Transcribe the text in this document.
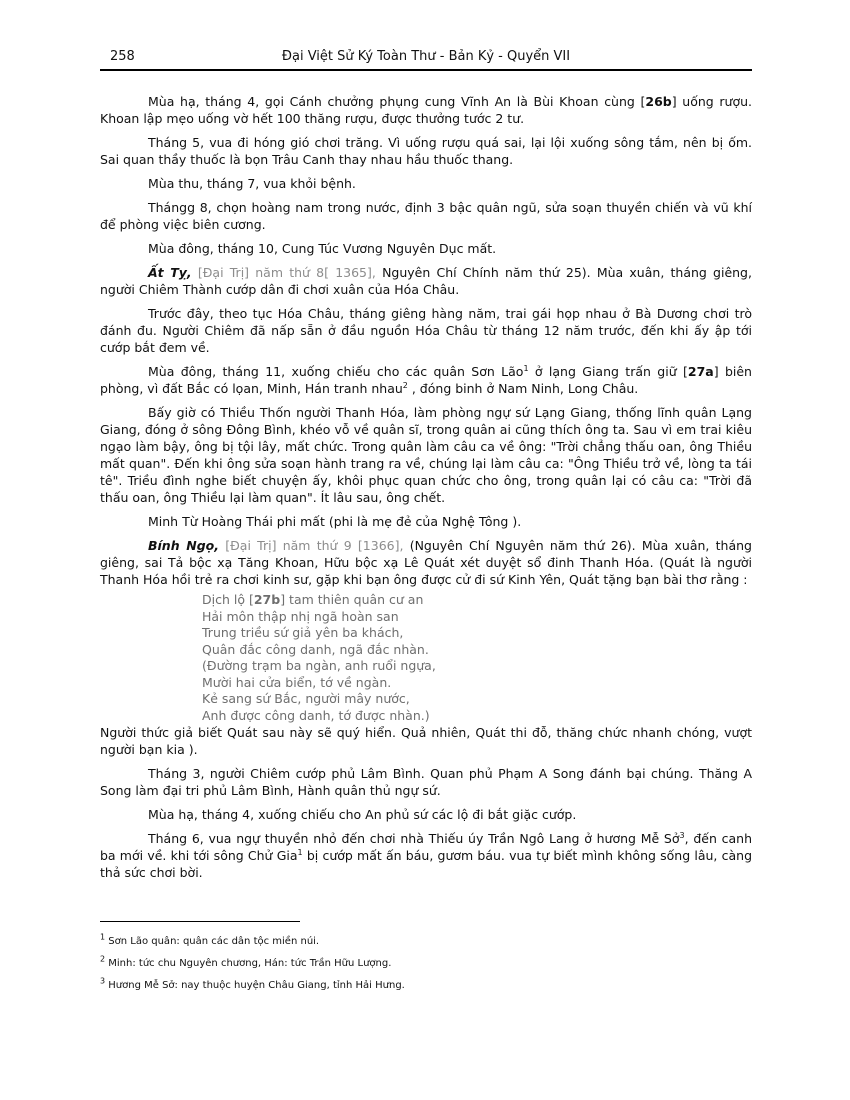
258	Đại Việt Sử Ký Toàn Thư - Bản Kỷ - Quyển VII

Mùa hạ, tháng 4, gọi Cánh chưởng phụng cung Vĩnh An là Bùi Khoan cùng [26b] uống rượu. Khoan lập mẹo uống vờ hết 100 thăng rượu, được thưởng tước 2 tư.

Tháng 5, vua đi hóng gió chơi trăng. Vì uống rượu quá sai, lại lội xuống sông tắm, nên bị ốm. Sai quan thầy thuốc là bọn Trâu Canh thay nhau hầu thuốc thang.

Mùa thu, tháng 7, vua khỏi bệnh.

Thángg 8, chọn hoàng nam trong nước, định 3 bậc quân ngũ, sửa soạn thuyền chiến và vũ khí để phòng việc biên cương.

Mùa đông, tháng 10, Cung Túc Vương Nguyên Dục mất.

Ất Tỵ, [Đại Trị] năm thứ 8[ 1365], Nguyên Chí Chính năm thứ 25). Mùa xuân, tháng giêng, người Chiêm Thành cướp dân đi chơi xuân của Hóa Châu.

Trước đây, theo tục Hóa Châu, tháng giêng hàng năm, trai gái họp nhau ở Bà Dương chơi trò đánh đu. Người Chiêm đã nấp sẵn ở đầu nguồn Hóa Châu từ tháng 12 năm trước, đến khi ấy ập tới cướp bắt đem về.

Mùa đông, tháng 11, xuống chiếu cho các quân Sơn Lão$^1$ ở lạng Giang trấn giữ [27a] biên phòng, vì đất Bắc có lọan, Minh, Hán tranh nhau$^2$ , đóng binh ở Nam Ninh, Long Châu.

Bấy giờ có Thiều Thốn người Thanh Hóa, làm phòng ngự sứ Lạng Giang, thống lĩnh quân Lạng Giang, đóng ở sông Đông Bình, khéo vỗ về quân sĩ, trong quân ai cũng thích ông ta. Sau vì em trai kiêu ngạo làm bậy, ông bị tội lây, mất chức. Trong quân làm câu ca về ông: "Trời chẳng thấu oan, ông Thiều mất quan". Đến khi ông sửa soạn hành trang ra về, chúng lại làm câu ca: "Ông Thiều trở về, lòng ta tái tê". Triều đình nghe biết chuyện ấy, khôi phục quan chức cho ông, trong quân lại có câu ca: "Trời đã thấu oan, ông Thiều lại làm quan". Ít lâu sau, ông chết.

Minh Từ Hoàng Thái phi mất (phi là mẹ đẻ của Nghệ Tông ).

Bính Ngọ, [Đại Trị] năm thứ 9 [1366], (Nguyên Chí Nguyên năm thứ 26). Mùa xuân, tháng giêng, sai Tả bộc xạ Tăng Khoan, Hữu bộc xạ Lê Quát xét duyệt sổ đinh Thanh Hóa. (Quát là người Thanh Hóa hồi trẻ ra chơi kinh sư, gặp khi bạn ông được cử đi sứ Kinh Yên, Quát tặng bạn bài thơ rằng :

Dịch lộ [27b] tam thiên quân cư an
Hải môn thập nhị ngã hoàn san
Trung triều sứ giả yên ba khách,
Quân đắc công danh, ngã đắc nhàn.
(Đường trạm ba ngàn, anh ruổi ngựa,
Mười hai cửa biển, tớ về ngàn.
Kẻ sang sứ Bắc, người mây nước,
Anh được công danh, tớ được nhàn.)

Người thức giả biết Quát sau này sẽ quý hiển. Quả nhiên, Quát thi đỗ, thăng chức nhanh chóng, vượt người bạn kia ).

Tháng 3, người Chiêm cướp phủ Lâm Bình. Quan phủ Phạm A Song đánh bại chúng. Thăng A Song làm đại tri phủ Lâm Bình, Hành quân thủ ngự sứ.

Mùa hạ, tháng 4, xuống chiếu cho An phủ sứ các lộ đi bắt giặc cướp.

Tháng 6, vua ngự thuyền nhỏ đến chơi nhà Thiếu úy Trần Ngô Lang ở hương Mễ Sở$^3$, đến canh ba mới về. khi tới sông Chử Gia$^1$ bị cướp mất ấn báu, gươm báu. vua tự biết mình không sống lâu, càng thả sức chơi bời.

$^1$ Sơn Lão quân: quân các dân tộc miền núi.
$^2$ Minh: tức chu Nguyên chương, Hán: tức Trần Hữu Lượng.
$^3$ Hương Mễ Sở: nay thuộc huyện Châu Giang, tỉnh Hải Hưng.
